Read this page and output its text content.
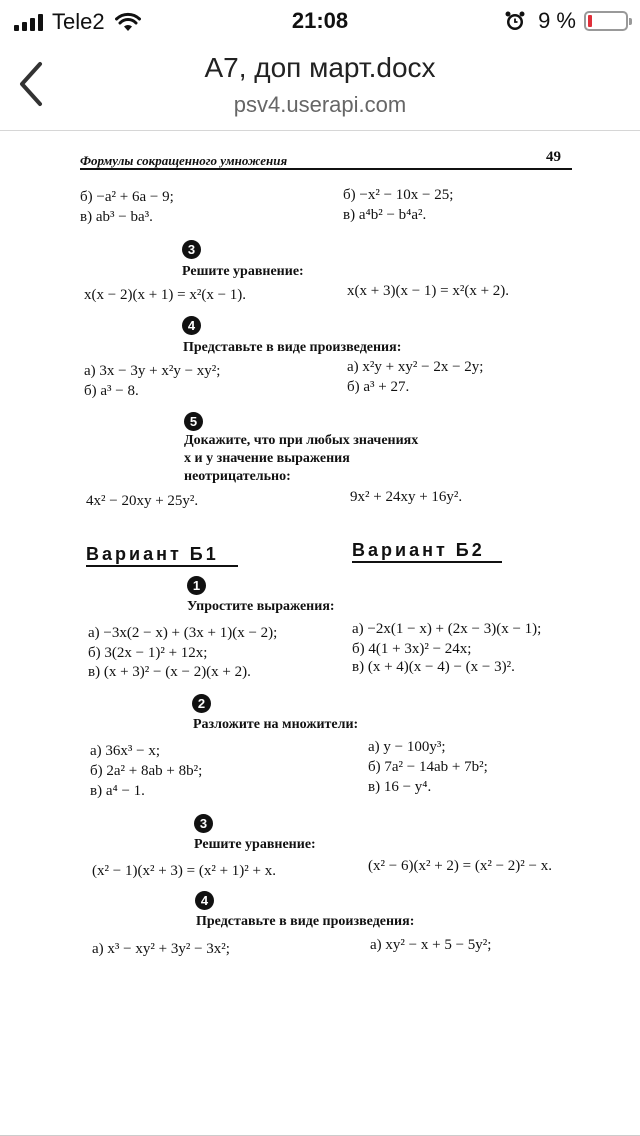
Tele2	21:08	9 %
А7, доп март.docx
psv4.userapi.com
Формулы сокращенного умножения	49
б) −a² + 6a − 9;	б) −x² − 10x − 25;
в) ab³ − ba³.	в) a⁴b² − b⁴a².
3
Решите уравнение:
x(x − 2)(x + 1) = x²(x − 1).	x(x + 3)(x − 1) = x²(x + 2).
4
Представьте в виде произведения:
а) 3x − 3y + x²y − xy²;	а) x²y + xy² − 2x − 2y;
б) a³ − 8.	б) a³ + 27.
5
Докажите, что при любых значениях
x и y значение выражения
неотрицательно:
4x² − 20xy + 25y².	9x² + 24xy + 16y².
Вариант Б1	Вариант Б2
1
Упростите выражения:
а) −3x(2 − x) + (3x + 1)(x − 2);	а) −2x(1 − x) + (2x − 3)(x − 1);
б) 3(2x − 1)² + 12x;	б) 4(1 + 3x)² − 24x;
в) (x + 3)² − (x − 2)(x + 2).	в) (x + 4)(x − 4) − (x − 3)².
2
Разложите на множители:
а) 36x³ − x;	а) y − 100y³;
б) 2a² + 8ab + 8b²;	б) 7a² − 14ab + 7b²;
в) a⁴ − 1.	в) 16 − y⁴.
3
Решите уравнение:
(x² − 1)(x² + 3) = (x² + 1)² + x.	(x² − 6)(x² + 2) = (x² − 2)² − x.
4
Представьте в виде произведения:
а) x³ − xy² + 3y² − 3x²;	а) xy² − x + 5 − 5y²;
